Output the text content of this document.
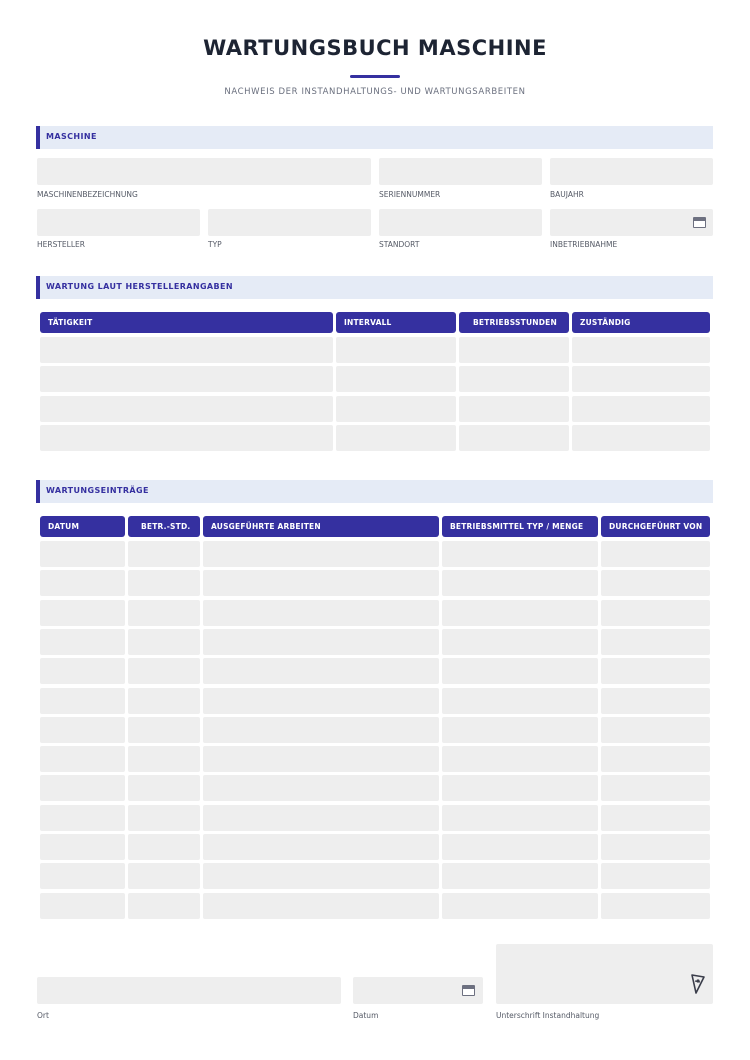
WARTUNGSBUCH MASCHINE
NACHWEIS DER INSTANDHALTUNGS- UND WARTUNGSARBEITEN
MASCHINE
MASCHINENBEZEICHNUNG	SERIENNUMMER	BAUJAHR
HERSTELLER	TYP	STANDORT	INBETRIEBNAHME
WARTUNG LAUT HERSTELLERANGABEN
TÄTIGKEIT	INTERVALL	BETRIEBSSTUNDEN	ZUSTÄNDIG
WARTUNGSEINTRÄGE
DATUM	BETR.-STD.	AUSGEFÜHRTE ARBEITEN	BETRIEBSMITTEL TYP / MENGE	DURCHGEFÜHRT VON
Ort	Datum	Unterschrift Instandhaltung
